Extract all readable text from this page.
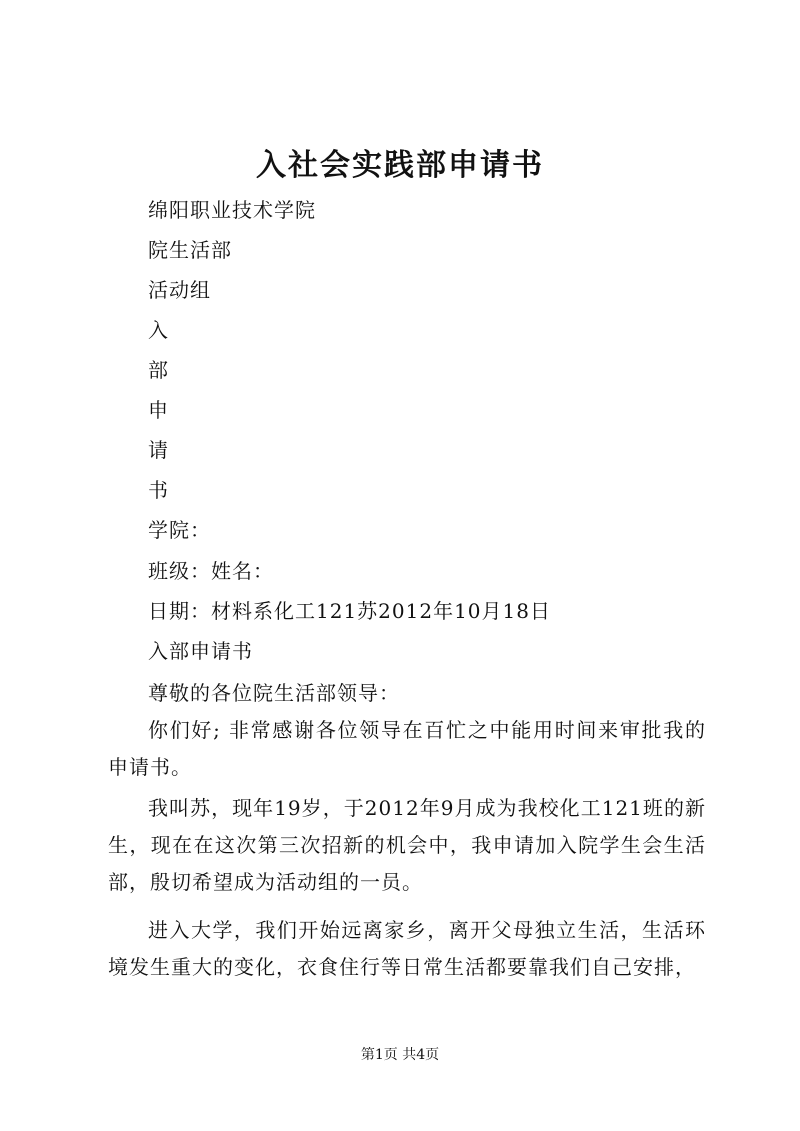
入社会实践部申请书
绵阳职业技术学院
院生活部
活动组
入
部
申
请
书
学院：
班级：姓名：
日期：材料系化工121苏2012年10月18日
入部申请书
尊敬的各位院生活部领导：
你们好; 非常感谢各位领导在百忙之中能用时间来审批我的申请书。
我叫苏，现年19岁，于2012年9月成为我校化工121班的新生，现在在这次第三次招新的机会中，我申请加入院学生会生活部，殷切希望成为活动组的一员。
进入大学，我们开始远离家乡，离开父母独立生活，生活环境发生重大的变化，衣食住行等日常生活都要靠我们自己安排，
第1页 共4页
